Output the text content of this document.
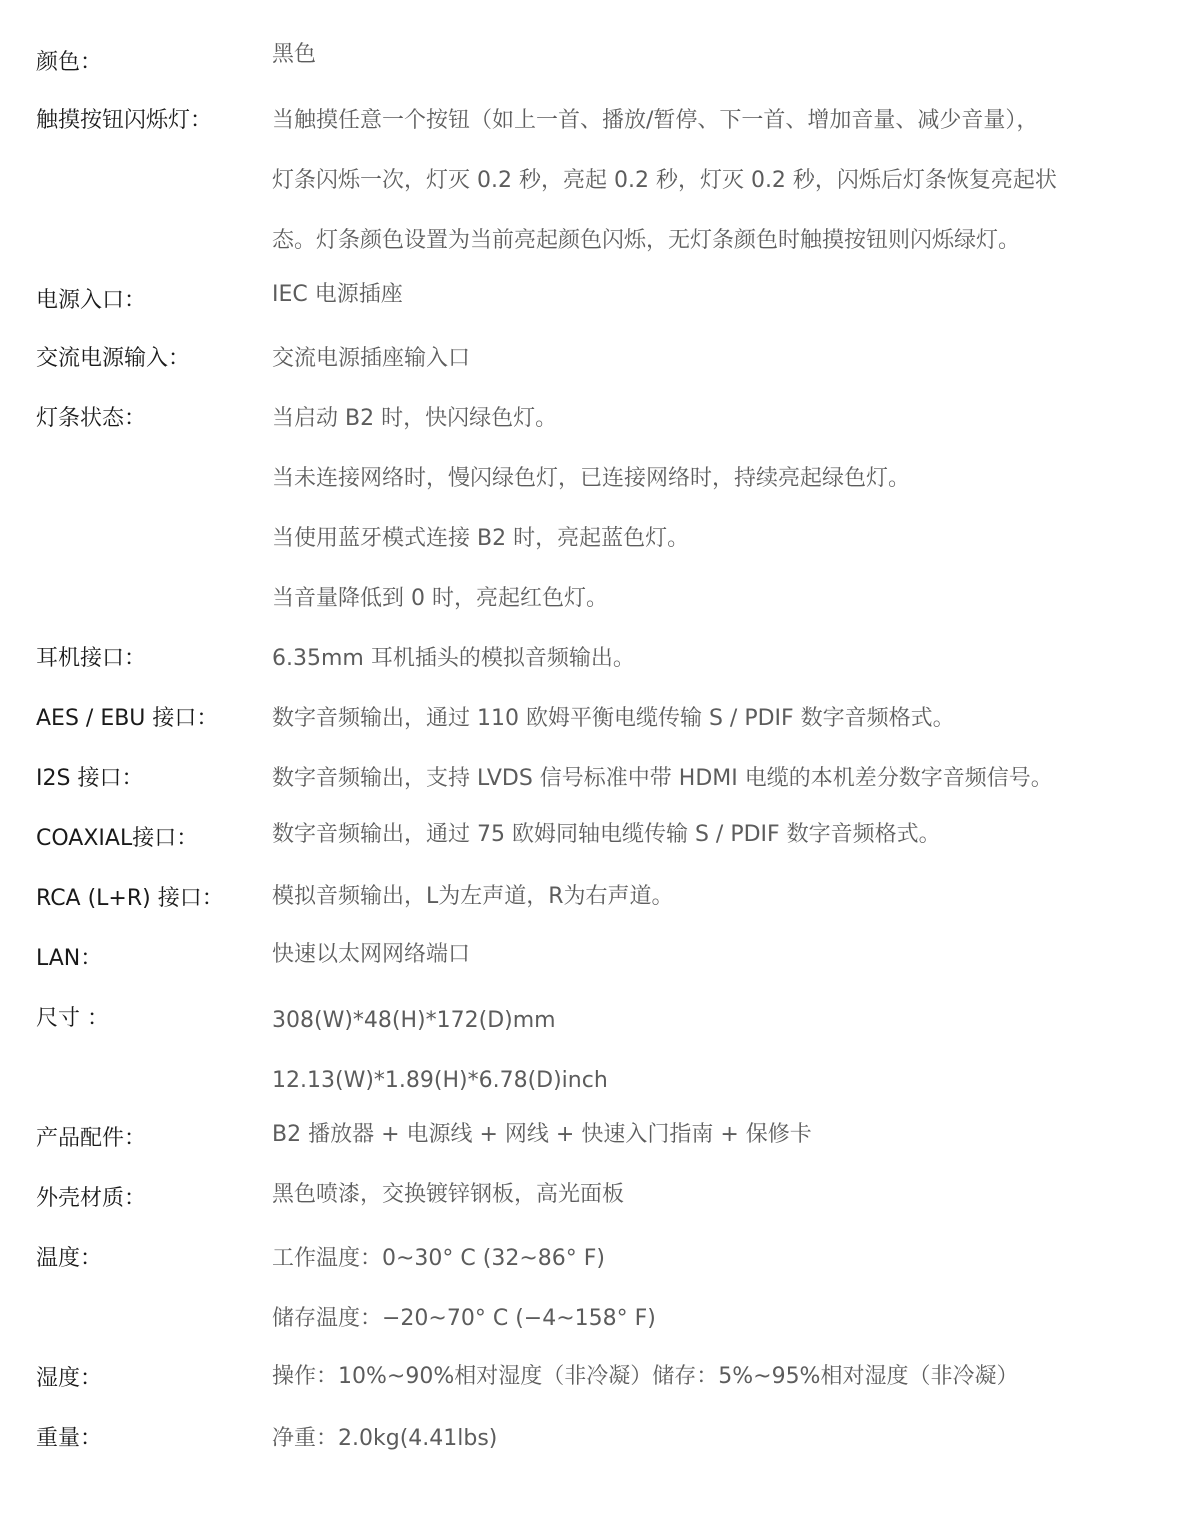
颜色：	黑色
触摸按钮闪烁灯：	当触摸任意一个按钮（如上一首、播放/暂停、下一首、增加音量、减少音量），
灯条闪烁一次，灯灭 0.2 秒，亮起 0.2 秒，灯灭 0.2 秒，闪烁后灯条恢复亮起状
态。灯条颜色设置为当前亮起颜色闪烁，无灯条颜色时触摸按钮则闪烁绿灯。
电源入口：	IEC 电源插座
交流电源输入：	交流电源插座输入口
灯条状态：	当启动 B2 时，快闪绿色灯。
当未连接网络时，慢闪绿色灯，已连接网络时，持续亮起绿色灯。
当使用蓝牙模式连接 B2 时，亮起蓝色灯。
当音量降低到 0 时，亮起红色灯。
耳机接口：	6.35mm 耳机插头的模拟音频输出。
AES / EBU 接口： 数字音频输出，通过 110 欧姆平衡电缆传输 S / PDIF 数字音频格式。
I2S 接口：	数字音频输出，支持 LVDS 信号标准中带 HDMI 电缆的本机差分数字音频信号。
COAXIAL接口：	数字音频输出，通过 75 欧姆同轴电缆传输 S / PDIF 数字音频格式。
RCA (L+R) 接口： 模拟音频输出，L为左声道，R为右声道。
LAN：	快速以太网网络端口
尺寸 ：	308(W)*48(H)*172(D)mm
12.13(W)*1.89(H)*6.78(D)inch
产品配件：	B2 播放器 + 电源线 + 网线 + 快速入门指南 + 保修卡
外壳材质：	黑色喷漆，交换镀锌钢板，高光面板
温度：	工作温度：0~30° C (32~86° F)
储存温度：−20~70° C (−4~158° F)
湿度：	操作：10%~90%相对湿度（非冷凝）储存：5%~95%相对湿度（非冷凝）
重量：	净重：2.0kg(4.41lbs)
